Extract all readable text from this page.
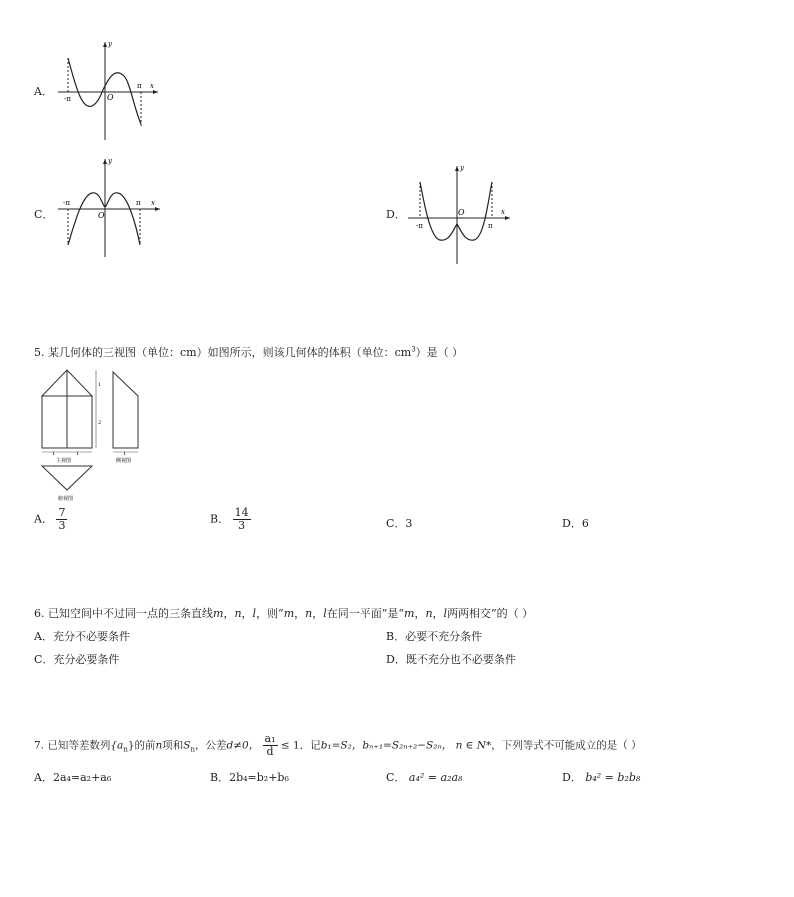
A．
-π
π
O
x
y
C．
-π	π
O
x
y
D．
-π	π
O	x
y
5. 某几何体的三视图（单位：cm）如图所示，则该几何体的体积（单位：$cm^3$）是（ ）
1
2
1	1
主视图
1
侧视图
俯视图
A． $\frac{7}{3}$	B． $\frac{14}{3}$	C．3	D．6
6. 已知空间中不过同一点的三条直线m，n，l，则“m，n，l在同一平面”是“m，n，l两两相交”的（ ）
A．充分不必要条件	B．必要不充分条件
C．充分必要条件	D．既不充分也不必要条件
7. 已知等差数列$\{a_n\}$的前n项和$S_n$，公差d≠0， $\frac{\text{a₁}}{d} \le 1$．记b₁=S₂，bₙ₊₁=S₂ₙ₊₂−S₂ₙ， n ∈ N*，下列等式不可能成立的是（ ）
A．2a₄=a₂+a₆	B．2b₄=b₂+b₆	C． a₄² = a₂a₈	D． b₄² = b₂b₈
